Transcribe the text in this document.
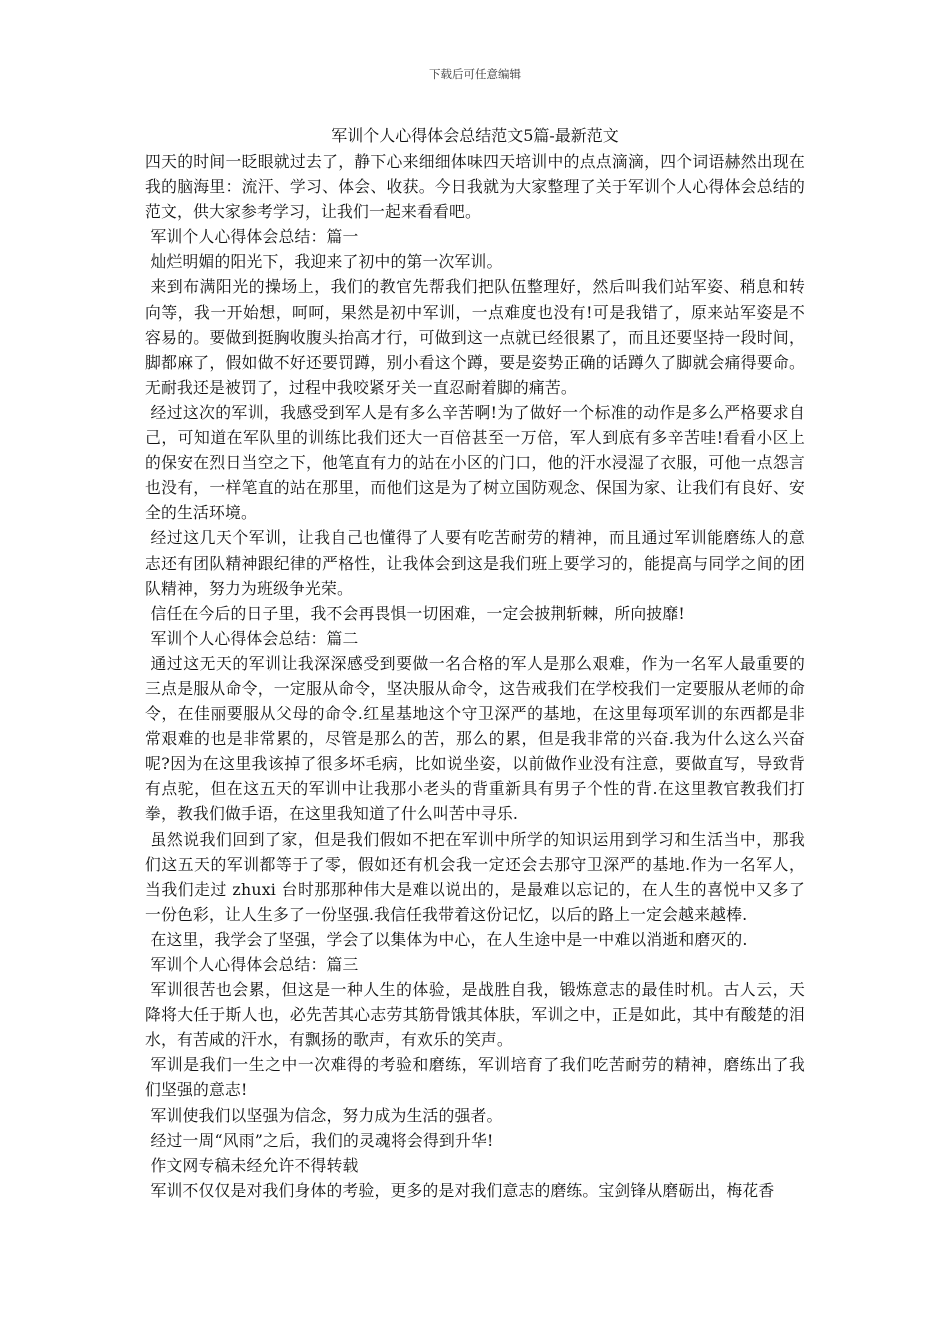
下载后可任意编辑
军训个人心得体会总结范文5篇-最新范文

四天的时间一眨眼就过去了，静下心来细细体味四天培训中的点点滴滴，四个词语赫然出现在我的脑海里：流汗、学习、体会、收获。今日我就为大家整理了关于军训个人心得体会总结的范文，供大家参考学习，让我们一起来看看吧。

军训个人心得体会总结：篇一

灿烂明媚的阳光下，我迎来了初中的第一次军训。

来到布满阳光的操场上，我们的教官先帮我们把队伍整理好，然后叫我们站军姿、稍息和转向等，我一开始想，呵呵，果然是初中军训，一点难度也没有!可是我错了，原来站军姿是不容易的。要做到挺胸收腹头抬高才行，可做到这一点就已经很累了，而且还要坚持一段时间，脚都麻了，假如做不好还要罚蹲，别小看这个蹲，要是姿势正确的话蹲久了脚就会痛得要命。无耐我还是被罚了，过程中我咬紧牙关一直忍耐着脚的痛苦。

经过这次的军训，我感受到军人是有多么辛苦啊!为了做好一个标准的动作是多么严格要求自己，可知道在军队里的训练比我们还大一百倍甚至一万倍，军人到底有多辛苦哇!看看小区上的保安在烈日当空之下，他笔直有力的站在小区的门口，他的汗水浸湿了衣服，可他一点怨言也没有，一样笔直的站在那里，而他们这是为了树立国防观念、保国为家、让我们有良好、安全的生活环境。

经过这几天个军训，让我自己也懂得了人要有吃苦耐劳的精神，而且通过军训能磨练人的意志还有团队精神跟纪律的严格性，让我体会到这是我们班上要学习的，能提高与同学之间的团队精神，努力为班级争光荣。

信任在今后的日子里，我不会再畏惧一切困难，一定会披荆斩棘，所向披靡!

军训个人心得体会总结：篇二

通过这无天的军训让我深深感受到要做一名合格的军人是那么艰难，作为一名军人最重要的三点是服从命令，一定服从命令，坚决服从命令，这告戒我们在学校我们一定要服从老师的命令，在佳丽要服从父母的命令.红星基地这个守卫深严的基地，在这里每项军训的东西都是非常艰难的也是非常累的，尽管是那么的苦，那么的累，但是我非常的兴奋.我为什么这么兴奋呢?因为在这里我该掉了很多坏毛病，比如说坐姿，以前做作业没有注意，要做直写，导致背有点驼，但在这五天的军训中让我那小老头的背重新具有男子个性的背.在这里教官教我们打拳，教我们做手语，在这里我知道了什么叫苦中寻乐.

虽然说我们回到了家，但是我们假如不把在军训中所学的知识运用到学习和生活当中，那我们这五天的军训都等于了零，假如还有机会我一定还会去那守卫深严的基地.作为一名军人，当我们走过 zhuxi 台时那那种伟大是难以说出的，是最难以忘记的，在人生的喜悦中又多了一份色彩，让人生多了一份坚强.我信任我带着这份记忆，以后的路上一定会越来越棒.

在这里，我学会了坚强，学会了以集体为中心，在人生途中是一中难以消逝和磨灭的.

军训个人心得体会总结：篇三

军训很苦也会累，但这是一种人生的体验，是战胜自我，锻炼意志的最佳时机。古人云，天降将大任于斯人也，必先苦其心志劳其筋骨饿其体肤，军训之中，正是如此，其中有酸楚的泪水，有苦咸的汗水，有飘扬的歌声，有欢乐的笑声。

军训是我们一生之中一次难得的考验和磨练，军训培育了我们吃苦耐劳的精神，磨练出了我们坚强的意志!

军训使我们以坚强为信念，努力成为生活的强者。

经过一周“风雨”之后，我们的灵魂将会得到升华!

作文网专稿未经允许不得转载

军训不仅仅是对我们身体的考验，更多的是对我们意志的磨练。宝剑锋从磨砺出，梅花香
